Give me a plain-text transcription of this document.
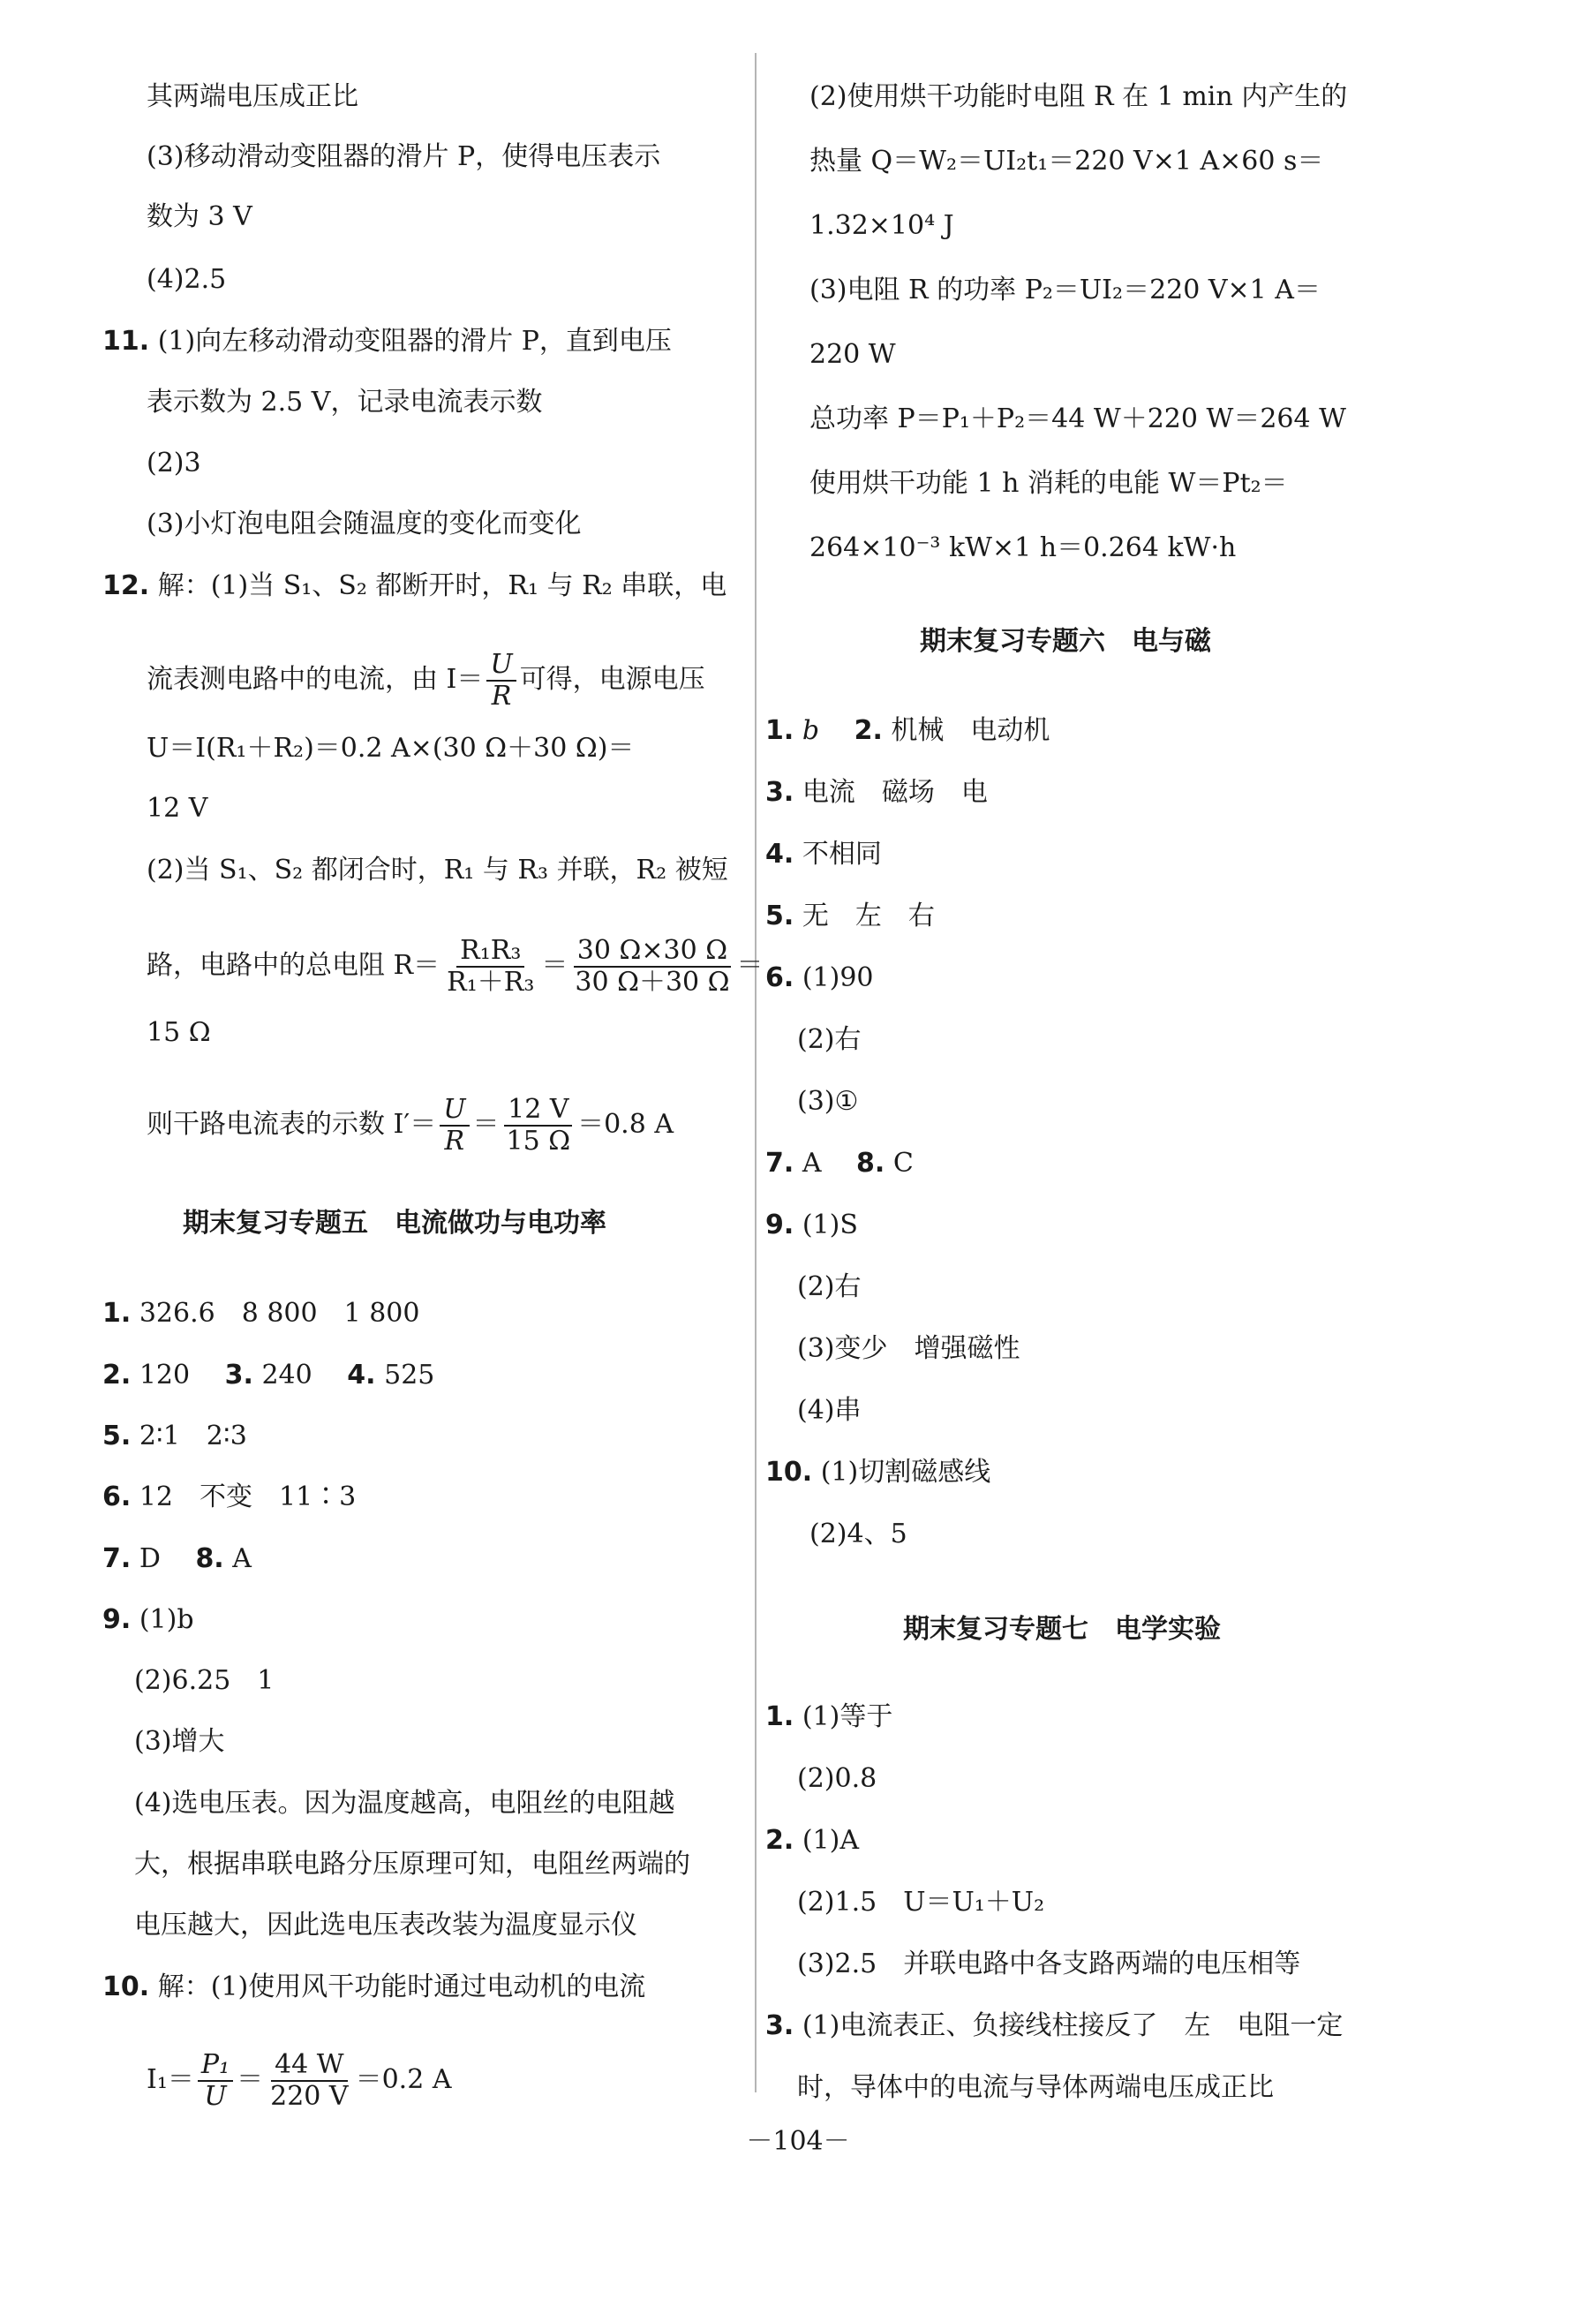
其两端电压成正比
(3)移动滑动变阻器的滑片 P，使得电压表示
数为 3 V
(4)2.5
11. (1)向左移动滑动变阻器的滑片 P，直到电压
表示数为 2.5 V，记录电流表示数
(2)3
(3)小灯泡电阻会随温度的变化而变化
12. 解：(1)当 S₁、S₂ 都断开时，R₁ 与 R₂ 串联，电
流表测电路中的电流，由 $I= \frac{U}{R}$ 可得，电源电压
U＝I(R₁＋R₂)＝0.2 A×(30 Ω＋30 Ω)＝
12 V
(2)当 S₁、S₂ 都闭合时，R₁ 与 R₃ 并联，R₂ 被短
路，电路中的总电阻 $R= \frac{\text{R₁R₃}}{\text{R₁＋R₃}} = \frac{30 \Omega\times 30 \Omega}{30 \Omega+30 \Omega}$ ＝
15 Ω
则干路电流表的示数 $I'= \frac{U}{R} = \frac{12 V}{15 \Omega} =0.8$ A
期末复习专题五　电流做功与电功率
1. 326.6　8 800　1 800
2. 120　 3. 240　 4. 525
5. 2∶1　2∶3
6. 12　不变　11∶3
7. D　 8. A
9. (1)b
(2)6.25　1
(3)增大
(4)选电压表。因为温度越高，电阻丝的电阻越
大，根据串联电路分压原理可知，电阻丝两端的
电压越大，因此选电压表改装为温度显示仪
10. 解：(1)使用风干功能时通过电动机的电流
$I_1= \frac{\text{P₁}}{U} = \frac{44 W}{220 V} =0.2$ A
(2)使用烘干功能时电阻 R 在 1 min 内产生的
热量 Q＝W₂＝UI₂t₁＝220 V×1 A×60 s＝
1.32×10⁴ J
(3)电阻 R 的功率 P₂＝UI₂＝220 V×1 A＝
220 W
总功率 P＝P₁＋P₂＝44 W＋220 W＝264 W
使用烘干功能 1 h 消耗的电能 W＝Pt₂＝
264×10⁻³ kW×1 h＝0.264 kW·h
期末复习专题六　电与磁
1. b　 2. 机械　电动机
3. 电流　磁场　电
4. 不相同
5. 无　左　右
6. (1)90
(2)右
(3)①
7. A　 8. C
9. (1)S
(2)右
(3)变少　增强磁性
(4)串
10. (1)切割磁感线
(2)4、5
期末复习专题七　电学实验
1. (1)等于
(2)0.8
2. (1)A
(2)1.5　U＝U₁＋U₂
(3)2.5　并联电路中各支路两端的电压相等
3. (1)电流表正、负接线柱接反了　左　电阻一定
时，导体中的电流与导体两端电压成正比
－104－
